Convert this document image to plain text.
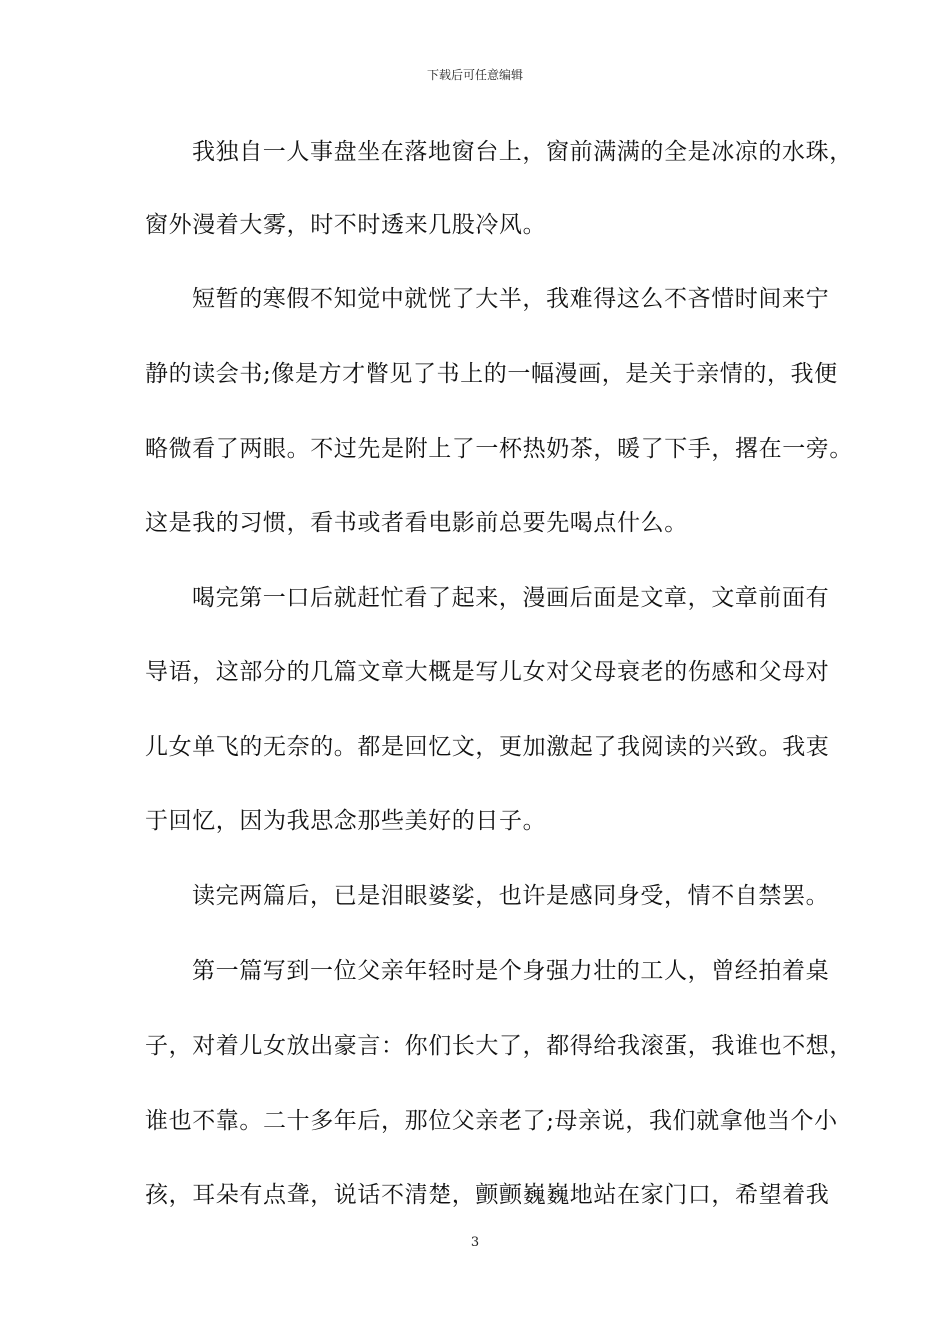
下载后可任意编辑
我独自一人事盘坐在落地窗台上，窗前满满的全是冰凉的水珠，
窗外漫着大雾，时不时透来几股冷风。
短暂的寒假不知觉中就恍了大半，我难得这么不吝惜时间来宁
静的读会书;像是方才瞥见了书上的一幅漫画，是关于亲情的，我便
略微看了两眼。不过先是附上了一杯热奶茶，暖了下手，撂在一旁。
这是我的习惯，看书或者看电影前总要先喝点什么。
喝完第一口后就赶忙看了起来，漫画后面是文章，文章前面有
导语，这部分的几篇文章大概是写儿女对父母衰老的伤感和父母对
儿女单飞的无奈的。都是回忆文，更加激起了我阅读的兴致。我衷
于回忆，因为我思念那些美好的日子。
读完两篇后，已是泪眼婆娑，也许是感同身受，情不自禁罢。
第一篇写到一位父亲年轻时是个身强力壮的工人，曾经拍着桌
子，对着儿女放出豪言：你们长大了，都得给我滚蛋，我谁也不想，
谁也不靠。二十多年后，那位父亲老了;母亲说，我们就拿他当个小
孩，耳朵有点聋，说话不清楚，颤颤巍巍地站在家门口，希望着我
3
